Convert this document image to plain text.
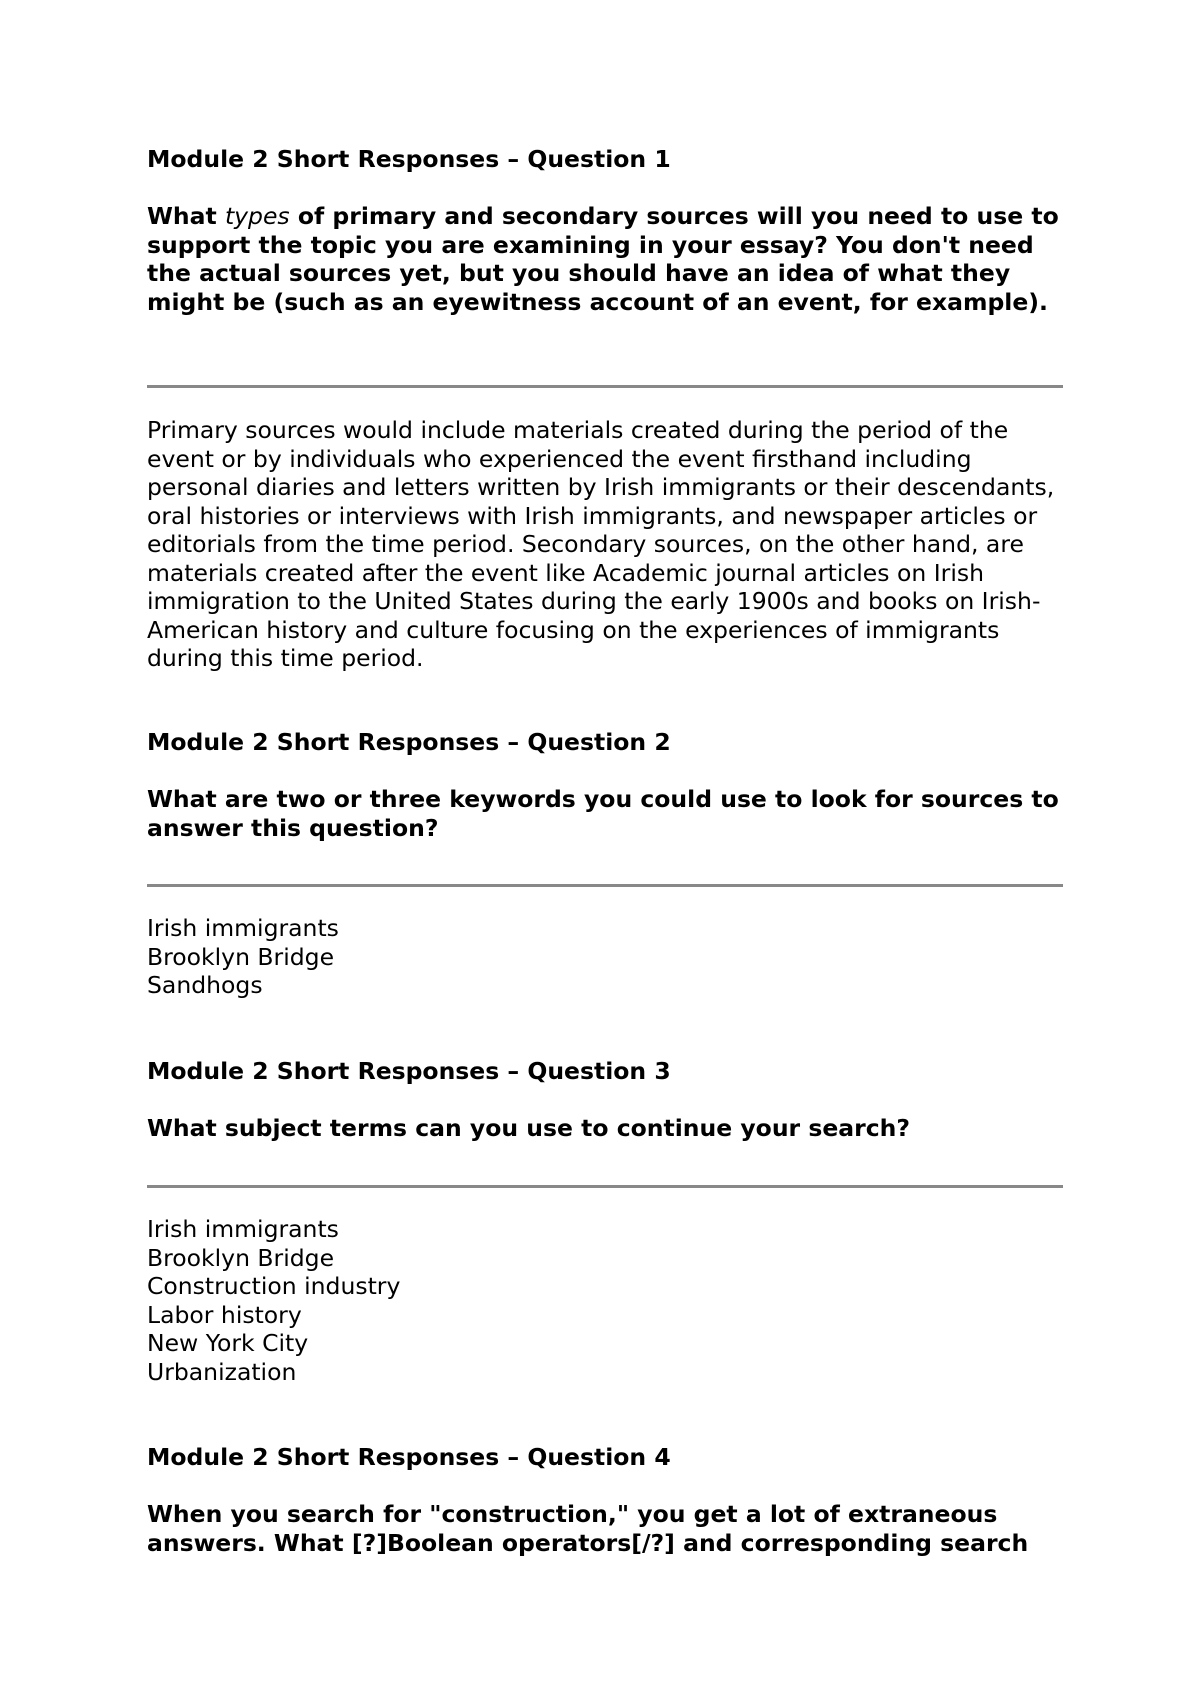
Module 2 Short Responses – Question 1

What types of primary and secondary sources will you need to use to support the topic you are examining in your essay? You don't need the actual sources yet, but you should have an idea of what they might be (such as an eyewitness account of an event, for example).

Primary sources would include materials created during the period of the event or by individuals who experienced the event firsthand including personal diaries and letters written by Irish immigrants or their descendants, oral histories or interviews with Irish immigrants, and newspaper articles or editorials from the time period. Secondary sources, on the other hand, are materials created after the event like Academic journal articles on Irish immigration to the United States during the early 1900s and books on Irish-American history and culture focusing on the experiences of immigrants during this time period.

Module 2 Short Responses – Question 2

What are two or three keywords you could use to look for sources to answer this question?

Irish immigrants
Brooklyn Bridge
Sandhogs

Module 2 Short Responses – Question 3

What subject terms can you use to continue your search?

Irish immigrants
Brooklyn Bridge
Construction industry
Labor history
New York City
Urbanization

Module 2 Short Responses – Question 4

When you search for "construction," you get a lot of extraneous answers. What [?]Boolean operators[/?] and corresponding search
